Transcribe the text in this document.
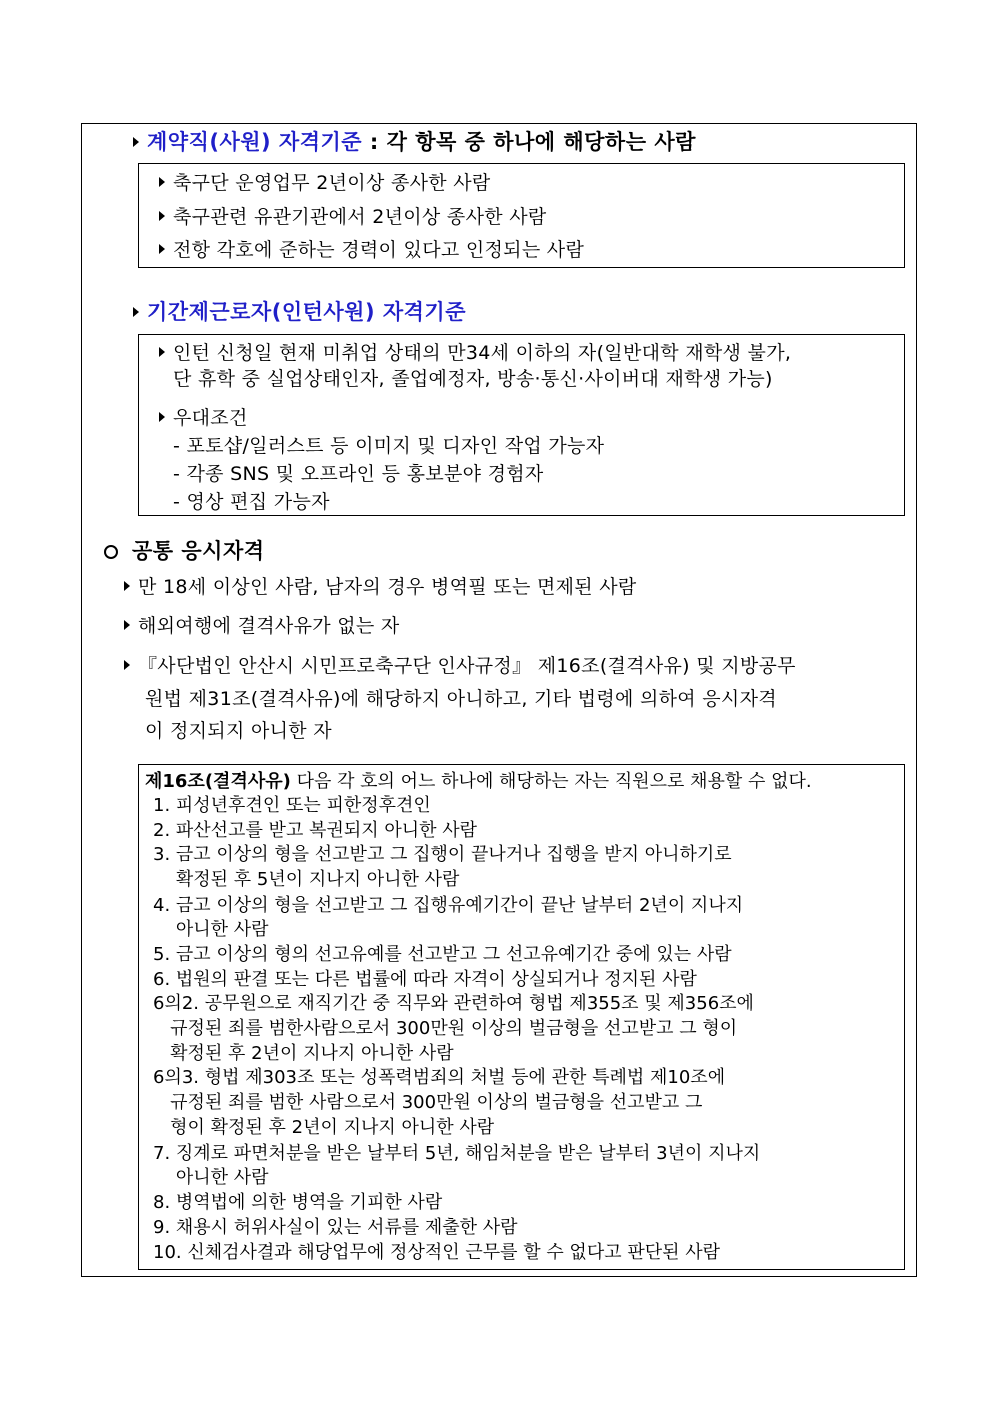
계약직(사원) 자격기준 : 각 항목 중 하나에 해당하는 사람
축구단 운영업무 2년이상 종사한 사람
축구관련 유관기관에서 2년이상 종사한 사람
전항 각호에 준하는 경력이 있다고 인정되는 사람
기간제근로자(인턴사원) 자격기준
인턴 신청일 현재 미취업 상태의 만34세 이하의 자(일반대학 재학생 불가,
단 휴학 중 실업상태인자, 졸업예정자, 방송·통신·사이버대 재학생 가능)
우대조건
- 포토샵/일러스트 등 이미지 및 디자인 작업 가능자
- 각종 SNS 및 오프라인 등 홍보분야 경험자
- 영상 편집 가능자
공통 응시자격
만 18세 이상인 사람, 남자의 경우 병역필 또는 면제된 사람
해외여행에 결격사유가 없는 자
『사단법인 안산시 시민프로축구단 인사규정』 제16조(결격사유) 및 지방공무
원법 제31조(결격사유)에 해당하지 아니하고, 기타 법령에 의하여 응시자격
이 정지되지 아니한 자
제16조(결격사유) 다음 각 호의 어느 하나에 해당하는 자는 직원으로 채용할 수 없다.
1. 피성년후견인 또는 피한정후견인
2. 파산선고를 받고 복권되지 아니한 사람
3. 금고 이상의 형을 선고받고 그 집행이 끝나거나 집행을 받지 아니하기로
확정된 후 5년이 지나지 아니한 사람
4. 금고 이상의 형을 선고받고 그 집행유예기간이 끝난 날부터 2년이 지나지
아니한 사람
5. 금고 이상의 형의 선고유예를 선고받고 그 선고유예기간 중에 있는 사람
6. 법원의 판결 또는 다른 법률에 따라 자격이 상실되거나 정지된 사람
6의2. 공무원으로 재직기간 중 직무와 관련하여 형법 제355조 및 제356조에
규정된 죄를 범한사람으로서 300만원 이상의 벌금형을 선고받고 그 형이
확정된 후 2년이 지나지 아니한 사람
6의3. 형법 제303조 또는 성폭력범죄의 처벌 등에 관한 특례법 제10조에
규정된 죄를 범한 사람으로서 300만원 이상의 벌금형을 선고받고 그
형이 확정된 후 2년이 지나지 아니한 사람
7. 징계로 파면처분을 받은 날부터 5년, 해임처분을 받은 날부터 3년이 지나지
아니한 사람
8. 병역법에 의한 병역을 기피한 사람
9. 채용시 허위사실이 있는 서류를 제출한 사람
10. 신체검사결과 해당업무에 정상적인 근무를 할 수 없다고 판단된 사람
